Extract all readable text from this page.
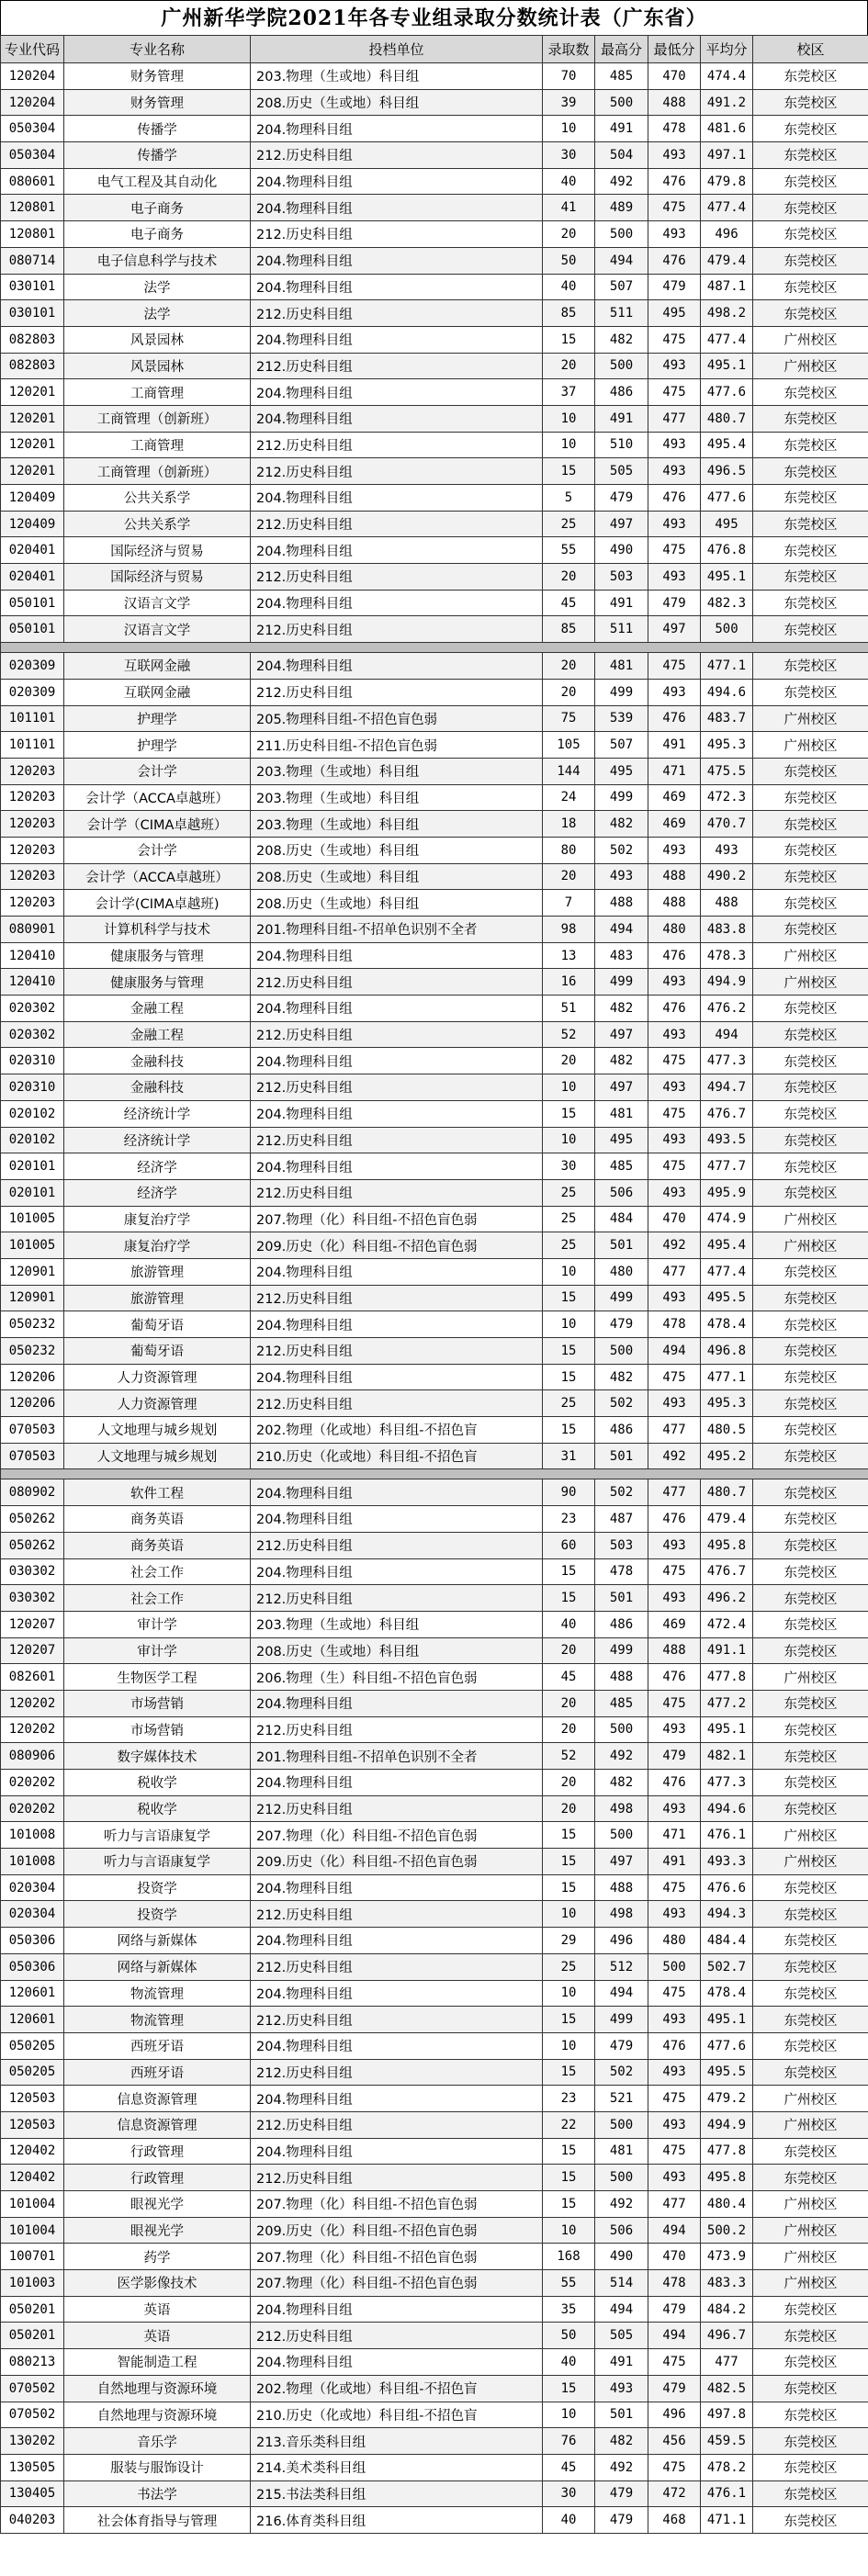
广州新华学院2021年各专业组录取分数统计表（广东省）
专业代码	专业名称	投档单位	录取数	最高分	最低分	平均分	校区
120204	财务管理	203.物理（生或地）科目组	70	485	470	474.4	东莞校区
120204	财务管理	208.历史（生或地）科目组	39	500	488	491.2	东莞校区
050304	传播学	204.物理科目组	10	491	478	481.6	东莞校区
050304	传播学	212.历史科目组	30	504	493	497.1	东莞校区
080601	电气工程及其自动化	204.物理科目组	40	492	476	479.8	东莞校区
120801	电子商务	204.物理科目组	41	489	475	477.4	东莞校区
120801	电子商务	212.历史科目组	20	500	493	496	东莞校区
080714	电子信息科学与技术	204.物理科目组	50	494	476	479.4	东莞校区
030101	法学	204.物理科目组	40	507	479	487.1	东莞校区
030101	法学	212.历史科目组	85	511	495	498.2	东莞校区
082803	风景园林	204.物理科目组	15	482	475	477.4	广州校区
082803	风景园林	212.历史科目组	20	500	493	495.1	广州校区
120201	工商管理	204.物理科目组	37	486	475	477.6	东莞校区
120201	工商管理（创新班）	204.物理科目组	10	491	477	480.7	东莞校区
120201	工商管理	212.历史科目组	10	510	493	495.4	东莞校区
120201	工商管理（创新班）	212.历史科目组	15	505	493	496.5	东莞校区
120409	公共关系学	204.物理科目组	5	479	476	477.6	东莞校区
120409	公共关系学	212.历史科目组	25	497	493	495	东莞校区
020401	国际经济与贸易	204.物理科目组	55	490	475	476.8	东莞校区
020401	国际经济与贸易	212.历史科目组	20	503	493	495.1	东莞校区
050101	汉语言文学	204.物理科目组	45	491	479	482.3	东莞校区
050101	汉语言文学	212.历史科目组	85	511	497	500	东莞校区

020309	互联网金融	204.物理科目组	20	481	475	477.1	东莞校区
020309	互联网金融	212.历史科目组	20	499	493	494.6	东莞校区
101101	护理学	205.物理科目组-不招色盲色弱	75	539	476	483.7	广州校区
101101	护理学	211.历史科目组-不招色盲色弱	105	507	491	495.3	广州校区
120203	会计学	203.物理（生或地）科目组	144	495	471	475.5	东莞校区
120203	会计学（ACCA卓越班）	203.物理（生或地）科目组	24	499	469	472.3	东莞校区
120203	会计学（CIMA卓越班）	203.物理（生或地）科目组	18	482	469	470.7	东莞校区
120203	会计学	208.历史（生或地）科目组	80	502	493	493	东莞校区
120203	会计学（ACCA卓越班）	208.历史（生或地）科目组	20	493	488	490.2	东莞校区
120203	会计学(CIMA卓越班)	208.历史（生或地）科目组	7	488	488	488	东莞校区
080901	计算机科学与技术	201.物理科目组-不招单色识别不全者	98	494	480	483.8	东莞校区
120410	健康服务与管理	204.物理科目组	13	483	476	478.3	广州校区
120410	健康服务与管理	212.历史科目组	16	499	493	494.9	广州校区
020302	金融工程	204.物理科目组	51	482	476	476.2	东莞校区
020302	金融工程	212.历史科目组	52	497	493	494	东莞校区
020310	金融科技	204.物理科目组	20	482	475	477.3	东莞校区
020310	金融科技	212.历史科目组	10	497	493	494.7	东莞校区
020102	经济统计学	204.物理科目组	15	481	475	476.7	东莞校区
020102	经济统计学	212.历史科目组	10	495	493	493.5	东莞校区
020101	经济学	204.物理科目组	30	485	475	477.7	东莞校区
020101	经济学	212.历史科目组	25	506	493	495.9	东莞校区
101005	康复治疗学	207.物理（化）科目组-不招色盲色弱	25	484	470	474.9	广州校区
101005	康复治疗学	209.历史（化）科目组-不招色盲色弱	25	501	492	495.4	广州校区
120901	旅游管理	204.物理科目组	10	480	477	477.4	东莞校区
120901	旅游管理	212.历史科目组	15	499	493	495.5	东莞校区
050232	葡萄牙语	204.物理科目组	10	479	478	478.4	东莞校区
050232	葡萄牙语	212.历史科目组	15	500	494	496.8	东莞校区
120206	人力资源管理	204.物理科目组	15	482	475	477.1	东莞校区
120206	人力资源管理	212.历史科目组	25	502	493	495.3	东莞校区
070503	人文地理与城乡规划	202.物理（化或地）科目组-不招色盲	15	486	477	480.5	东莞校区
070503	人文地理与城乡规划	210.历史（化或地）科目组-不招色盲	31	501	492	495.2	东莞校区

080902	软件工程	204.物理科目组	90	502	477	480.7	东莞校区
050262	商务英语	204.物理科目组	23	487	476	479.4	东莞校区
050262	商务英语	212.历史科目组	60	503	493	495.8	东莞校区
030302	社会工作	204.物理科目组	15	478	475	476.7	东莞校区
030302	社会工作	212.历史科目组	15	501	493	496.2	东莞校区
120207	审计学	203.物理（生或地）科目组	40	486	469	472.4	东莞校区
120207	审计学	208.历史（生或地）科目组	20	499	488	491.1	东莞校区
082601	生物医学工程	206.物理（生）科目组-不招色盲色弱	45	488	476	477.8	广州校区
120202	市场营销	204.物理科目组	20	485	475	477.2	东莞校区
120202	市场营销	212.历史科目组	20	500	493	495.1	东莞校区
080906	数字媒体技术	201.物理科目组-不招单色识别不全者	52	492	479	482.1	东莞校区
020202	税收学	204.物理科目组	20	482	476	477.3	东莞校区
020202	税收学	212.历史科目组	20	498	493	494.6	东莞校区
101008	听力与言语康复学	207.物理（化）科目组-不招色盲色弱	15	500	471	476.1	广州校区
101008	听力与言语康复学	209.历史（化）科目组-不招色盲色弱	15	497	491	493.3	广州校区
020304	投资学	204.物理科目组	15	488	475	476.6	东莞校区
020304	投资学	212.历史科目组	10	498	493	494.3	东莞校区
050306	网络与新媒体	204.物理科目组	29	496	480	484.4	东莞校区
050306	网络与新媒体	212.历史科目组	25	512	500	502.7	东莞校区
120601	物流管理	204.物理科目组	10	494	475	478.4	东莞校区
120601	物流管理	212.历史科目组	15	499	493	495.1	东莞校区
050205	西班牙语	204.物理科目组	10	479	476	477.6	东莞校区
050205	西班牙语	212.历史科目组	15	502	493	495.5	东莞校区
120503	信息资源管理	204.物理科目组	23	521	475	479.2	广州校区
120503	信息资源管理	212.历史科目组	22	500	493	494.9	广州校区
120402	行政管理	204.物理科目组	15	481	475	477.8	东莞校区
120402	行政管理	212.历史科目组	15	500	493	495.8	东莞校区
101004	眼视光学	207.物理（化）科目组-不招色盲色弱	15	492	477	480.4	广州校区
101004	眼视光学	209.历史（化）科目组-不招色盲色弱	10	506	494	500.2	广州校区
100701	药学	207.物理（化）科目组-不招色盲色弱	168	490	470	473.9	广州校区
101003	医学影像技术	207.物理（化）科目组-不招色盲色弱	55	514	478	483.3	广州校区
050201	英语	204.物理科目组	35	494	479	484.2	东莞校区
050201	英语	212.历史科目组	50	505	494	496.7	东莞校区
080213	智能制造工程	204.物理科目组	40	491	475	477	东莞校区
070502	自然地理与资源环境	202.物理（化或地）科目组-不招色盲	15	493	479	482.5	东莞校区
070502	自然地理与资源环境	210.历史（化或地）科目组-不招色盲	10	501	496	497.8	东莞校区
130202	音乐学	213.音乐类科目组	76	482	456	459.5	东莞校区
130505	服装与服饰设计	214.美术类科目组	45	492	475	478.2	东莞校区
130405	书法学	215.书法类科目组	30	479	472	476.1	东莞校区
040203	社会体育指导与管理	216.体育类科目组	40	479	468	471.1	东莞校区
